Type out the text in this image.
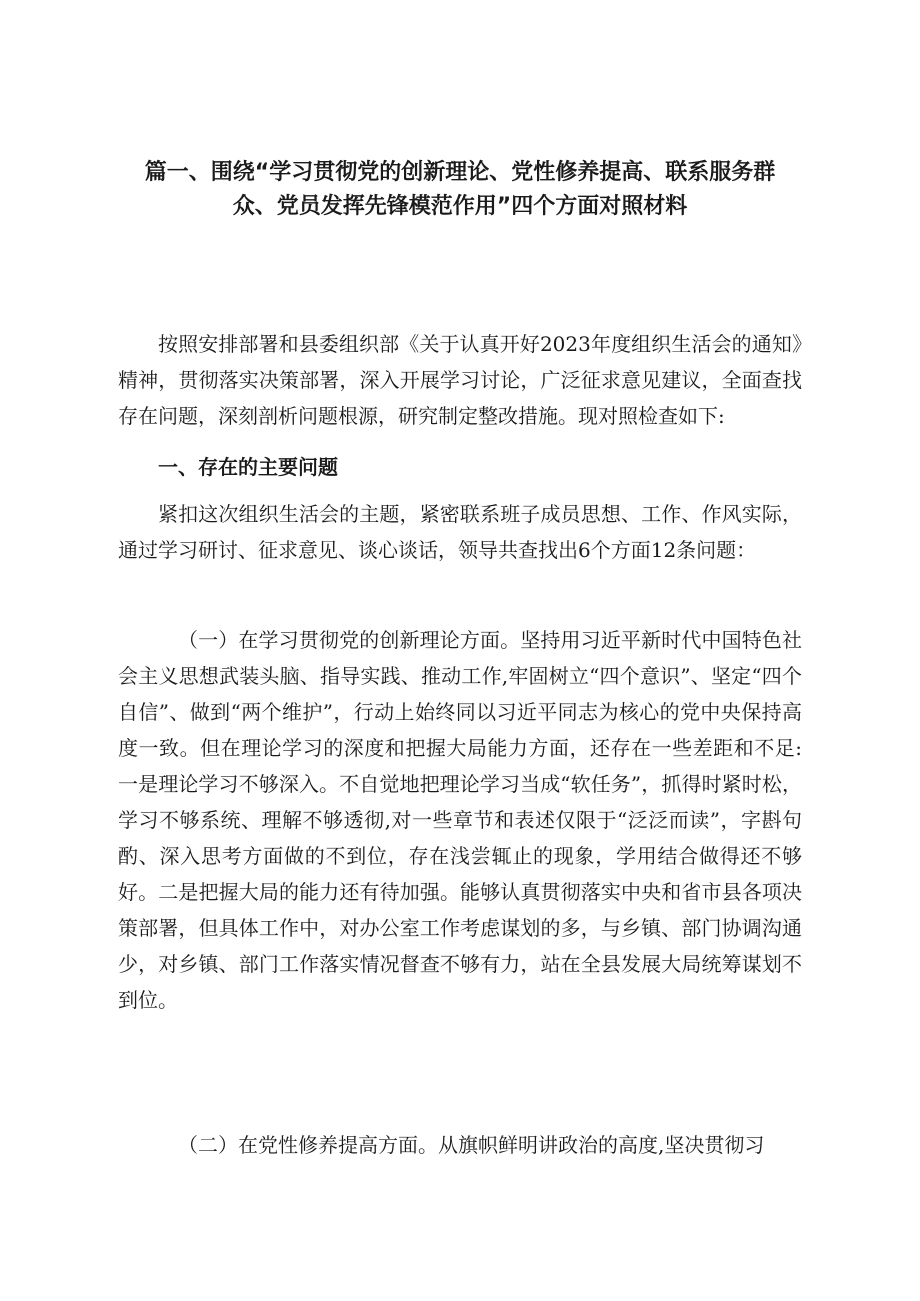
篇一、围绕“学习贯彻党的创新理论、党性修养提高、联系服务群
众、党员发挥先锋模范作用”四个方面对照材料

按照安排部署和县委组织部《关于认真开好2023年度组织生活会的通知》精神，贯彻落实决策部署，深入开展学习讨论，广泛征求意见建议，全面查找存在问题，深刻剖析问题根源，研究制定整改措施。现对照检查如下:

一、存在的主要问题

紧扣这次组织生活会的主题，紧密联系班子成员思想、工作、作风实际，通过学习研讨、征求意见、谈心谈话，领导共查找出6个方面12条问题：

（一）在学习贯彻党的创新理论方面。坚持用习近平新时代中国特色社会主义思想武装头脑、指导实践、推动工作,牢固树立“四个意识”、坚定“四个自信”、做到“两个维护”，行动上始终同以习近平同志为核心的党中央保持高度一致。但在理论学习的深度和把握大局能力方面，还存在一些差距和不足:一是理论学习不够深入。不自觉地把理论学习当成“软任务”，抓得时紧时松，学习不够系统、理解不够透彻,对一些章节和表述仅限于“泛泛而读”，字斟句酌、深入思考方面做的不到位，存在浅尝辄止的现象，学用结合做得还不够好。二是把握大局的能力还有待加强。能够认真贯彻落实中央和省市县各项决策部署，但具体工作中，对办公室工作考虑谋划的多，与乡镇、部门协调沟通少，对乡镇、部门工作落实情况督查不够有力，站在全县发展大局统筹谋划不到位。

（二）在党性修养提高方面。从旗帜鲜明讲政治的高度,坚决贯彻习
